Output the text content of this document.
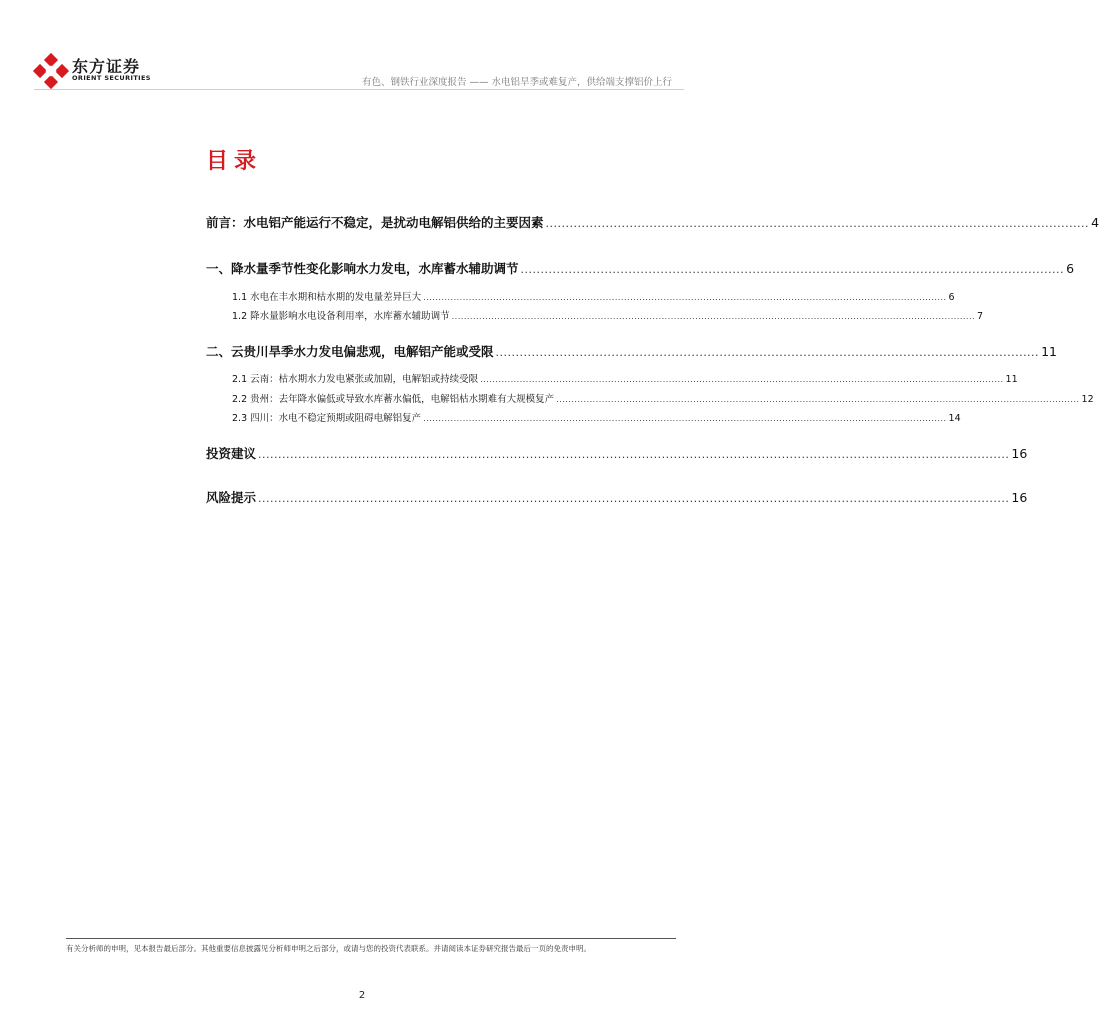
东方证券
ORIENT SECURITIES	有色、钢铁行业深度报告 —— 水电铝旱季或难复产，供给端支撑铝价上行
目录
前言：水电铝产能运行不稳定，是扰动电解铝供给的主要因素 ........................................................................................................................................ 4
一、降水量季节性变化影响水力发电，水库蓄水辅助调节 ........................................................................................................................................ 6
1.1 水电在丰水期和枯水期的发电量差异巨大 ............................................................................................................................................................................ 6
1.2 降水量影响水电设备利用率，水库蓄水辅助调节 ............................................................................................................................................................................ 7
二、云贵川旱季水力发电偏悲观，电解铝产能或受限 ........................................................................................................................................ 11
2.1 云南：枯水期水力发电紧张或加剧，电解铝或持续受限 ............................................................................................................................................................................ 11
2.2 贵州：去年降水偏低或导致水库蓄水偏低，电解铝枯水期难有大规模复产 ............................................................................................................................................................................ 12
2.3 四川：水电不稳定预期或阻碍电解铝复产 ............................................................................................................................................................................ 14
投资建议 ............................................................................................................................................................................................ 16
风险提示 ............................................................................................................................................................................................ 16
有关分析师的申明，见本报告最后部分。其他重要信息披露见分析师申明之后部分，或请与您的投资代表联系。并请阅读本证券研究报告最后一页的免责申明。
2
